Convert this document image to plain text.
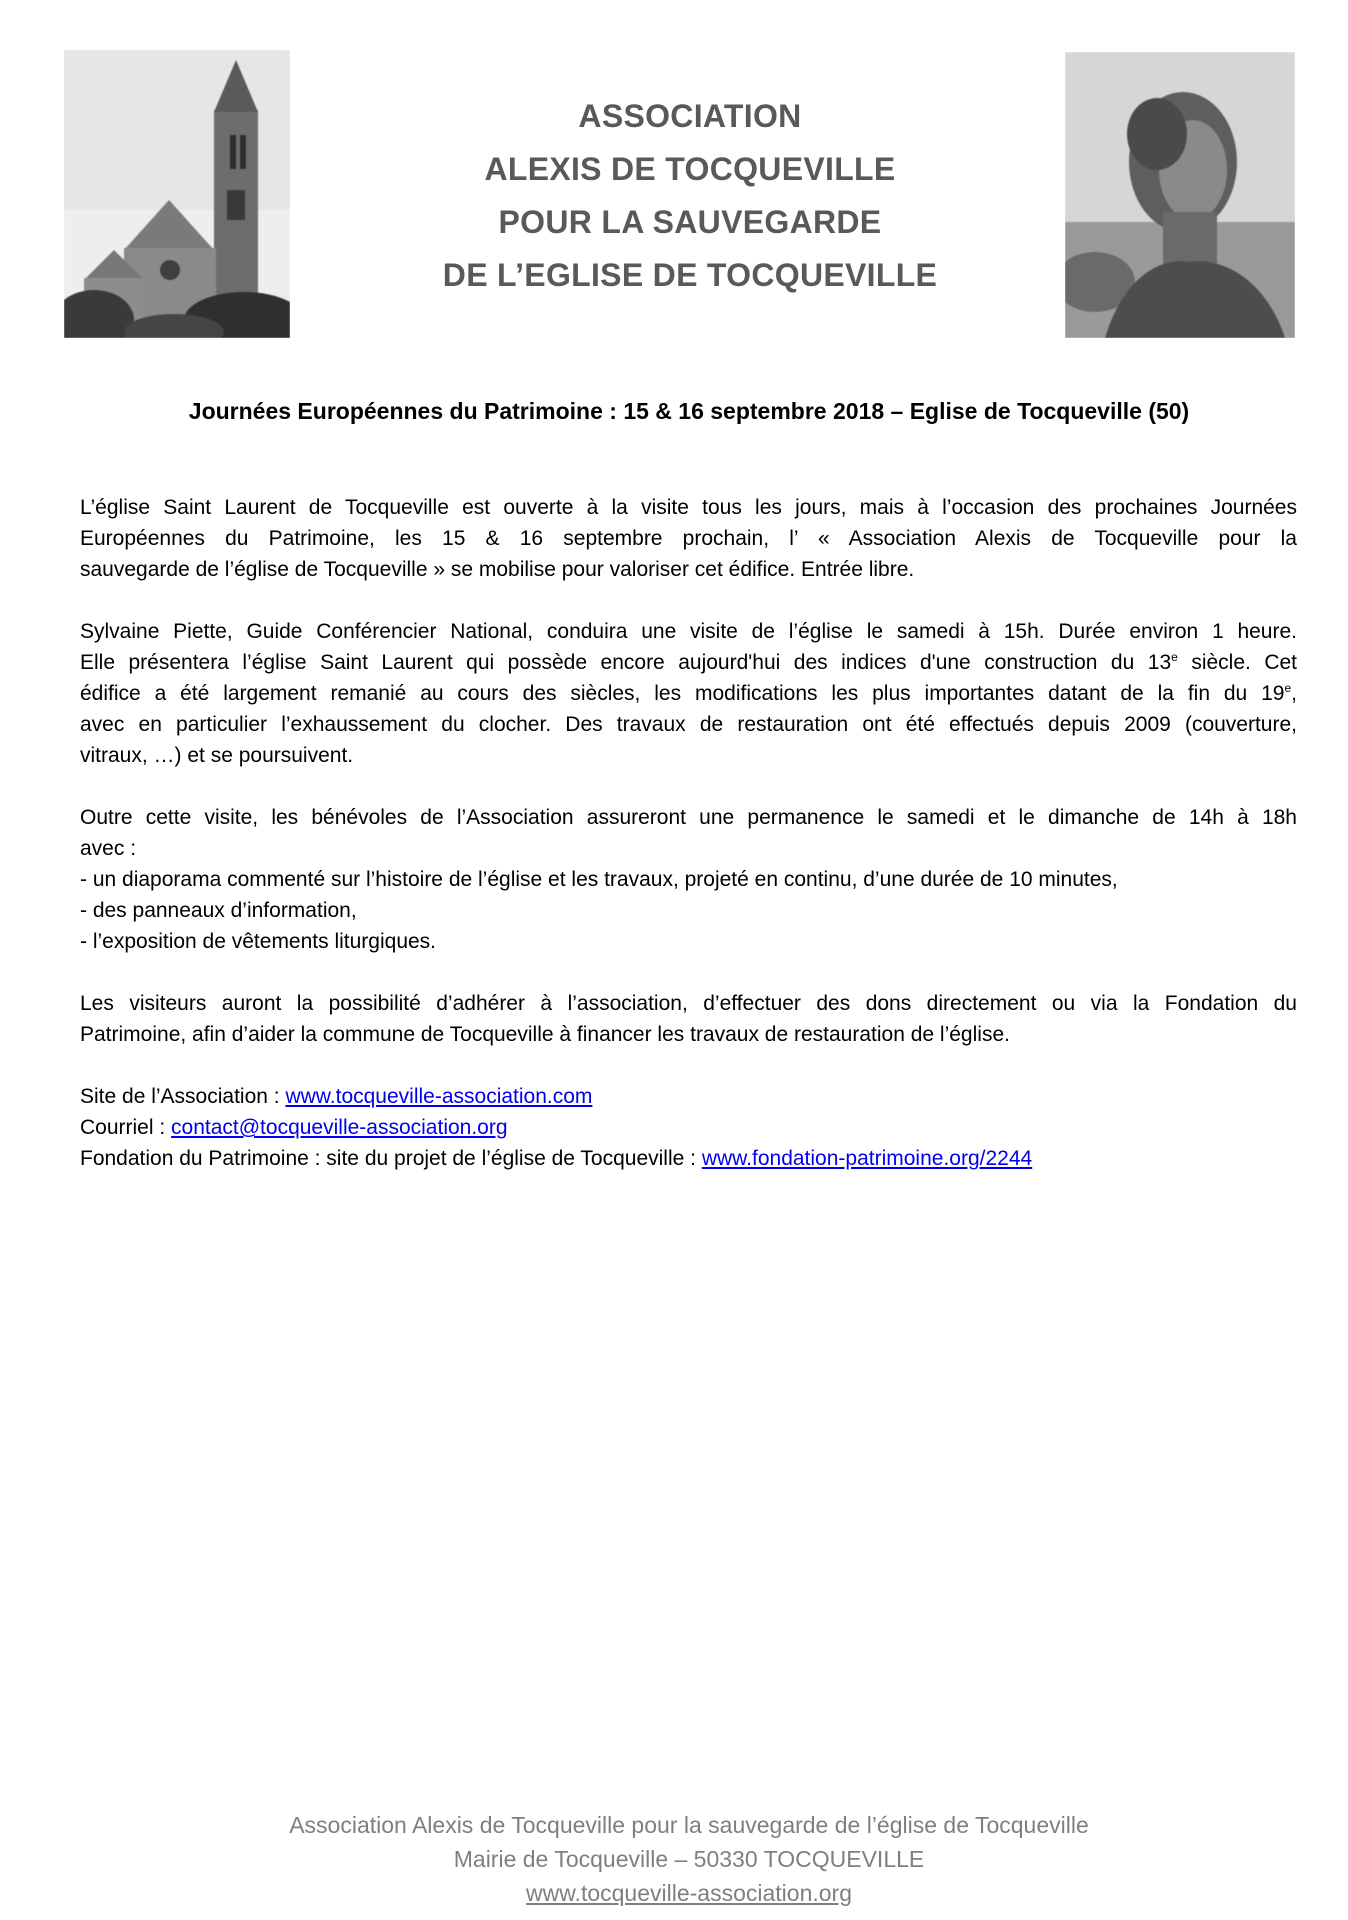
ASSOCIATION
ALEXIS DE TOCQUEVILLE
POUR LA SAUVEGARDE
DE L’EGLISE DE TOCQUEVILLE
Journées Européennes du Patrimoine : 15 & 16 septembre 2018 – Eglise de Tocqueville (50)

L’église Saint Laurent de Tocqueville est ouverte à la visite tous les jours, mais à l’occasion des prochaines Journées
Européennes du Patrimoine, les 15 & 16 septembre prochain, l’ « Association Alexis de Tocqueville pour la
sauvegarde de l’église de Tocqueville » se mobilise pour valoriser cet édifice. Entrée libre.

Sylvaine Piette, Guide Conférencier National, conduira une visite de l’église le samedi à 15h. Durée environ 1 heure.
Elle présentera l’église Saint Laurent qui possède encore aujourd'hui des indices d'une construction du 13e siècle. Cet
édifice a été largement remanié au cours des siècles, les modifications les plus importantes datant de la fin du 19e,
avec en particulier l’exhaussement du clocher. Des travaux de restauration ont été effectués depuis 2009 (couverture,
vitraux, …) et se poursuivent.

Outre cette visite, les bénévoles de l’Association assureront une permanence le samedi et le dimanche de 14h à 18h
avec :
- un diaporama commenté sur l’histoire de l’église et les travaux, projeté en continu, d’une durée de 10 minutes,
- des panneaux d’information,
- l’exposition de vêtements liturgiques.

Les visiteurs auront la possibilité d’adhérer à l’association, d’effectuer des dons directement ou via la Fondation du
Patrimoine, afin d’aider la commune de Tocqueville à financer les travaux de restauration de l’église.

Site de l’Association : www.tocqueville-association.com
Courriel : contact@tocqueville-association.org
Fondation du Patrimoine : site du projet de l’église de Tocqueville : www.fondation-patrimoine.org/2244

Association Alexis de Tocqueville pour la sauvegarde de l’église de Tocqueville
Mairie de Tocqueville – 50330 TOCQUEVILLE
www.tocqueville-association.org
